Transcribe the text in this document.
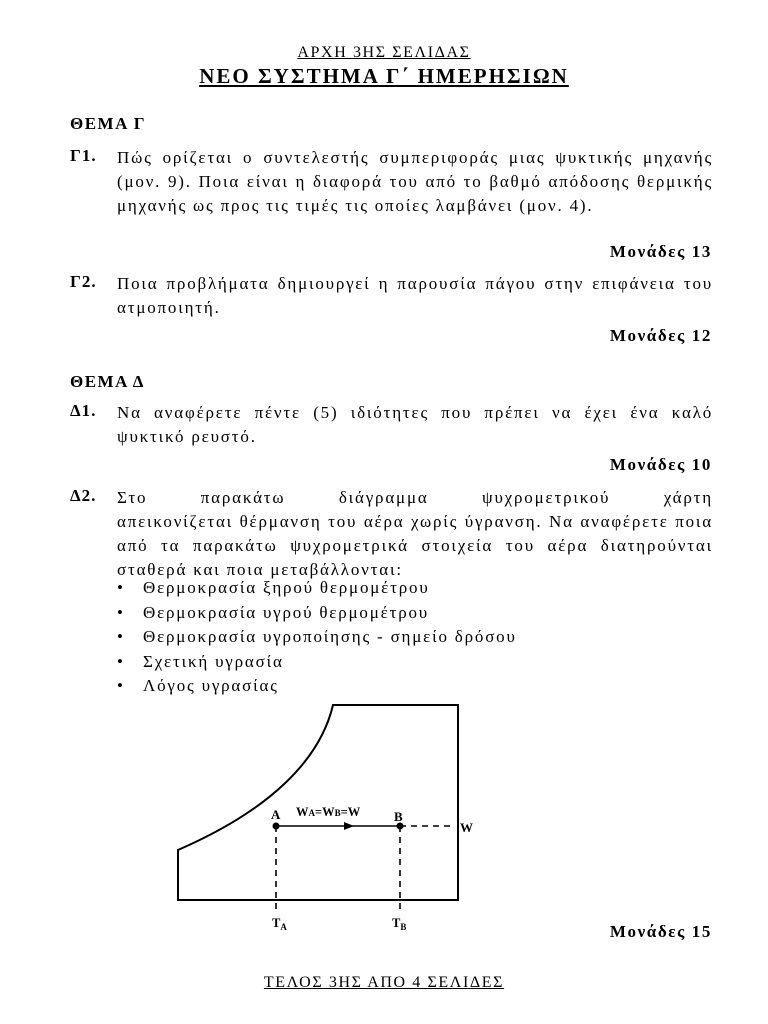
ΑΡΧΗ 3ΗΣ ΣΕΛΙΔΑΣ
ΝΕΟ ΣΥΣΤΗΜΑ Γ΄ ΗΜΕΡΗΣΙΩΝ
ΘΕΜΑ Γ
Γ1. Πώς ορίζεται ο συντελεστής συμπεριφοράς μιας ψυκτικής μηχανής (μον. 9). Ποια είναι η διαφορά του από το βαθμό απόδοσης θερμικής μηχανής ως προς τις τιμές τις οποίες λαμβάνει (μον. 4).
Μονάδες 13
Γ2. Ποια προβλήματα δημιουργεί η παρουσία πάγου στην επιφάνεια του ατμοποιητή.
Μονάδες 12
ΘΕΜΑ Δ
Δ1. Να αναφέρετε πέντε (5) ιδιότητες που πρέπει να έχει ένα καλό ψυκτικό ρευστό.
Μονάδες 10
Δ2. Στο παρακάτω διάγραμμα ψυχρομετρικού χάρτη
απεικονίζεται θέρμανση του αέρα χωρίς ύγρανση. Να αναφέρετε ποια από τα παρακάτω ψυχρομετρικά στοιχεία του αέρα διατηρούνται σταθερά και ποια μεταβάλλονται:
• Θερμοκρασία ξηρού θερμομέτρου
• Θερμοκρασία υγρού θερμομέτρου
• Θερμοκρασία υγροποίησης - σημείο δρόσου
• Σχετική υγρασία
• Λόγος υγρασίας
A	B
W
WA=WB=W
$T_A$	$T_B$	Μονάδες 15
ΤΕΛΟΣ 3ΗΣ ΑΠΟ 4 ΣΕΛΙΔΕΣ
